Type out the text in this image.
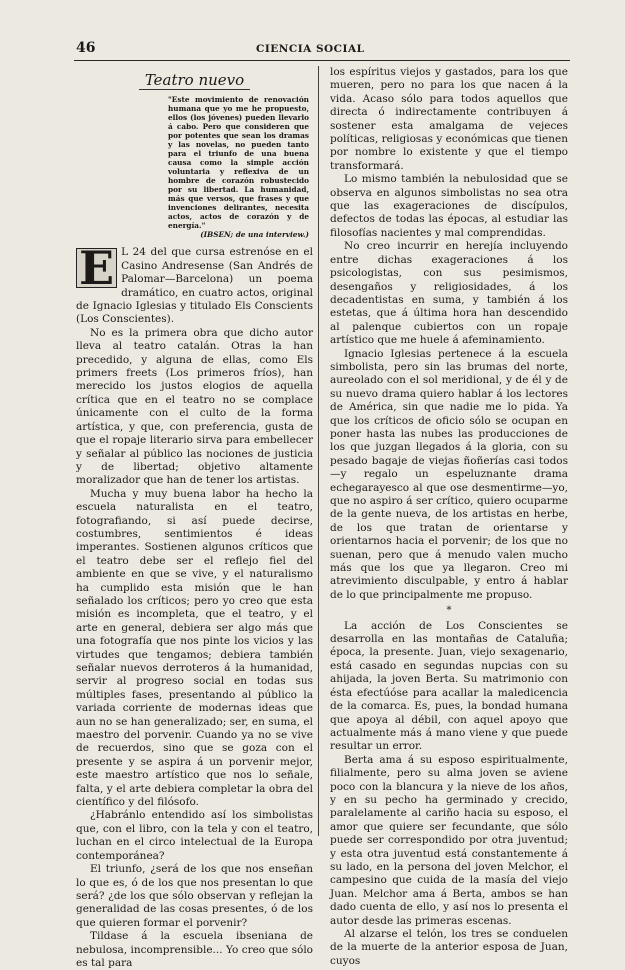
46	CIENCIA SOCIAL
Teatro nuevo
"Este movimiento de renovación humana que yo me he propuesto, ellos (los jóvenes) pueden llevarlo á cabo. Pero que consideren que por potentes que sean los dramas y las novelas, no pueden tanto para el triunfo de una buena causa como la simple acción voluntaria y reflexiva de un hombre de corazón robustecido por su libertad. La humanidad, más que versos, que frases y que invenciones delirantes, necesita actos, actos de corazón y de energía."
(IBSEN; de una interview.)

E L 24 del que cursa estrenóse en el Casino Andresense (San Andrés de Palomar—Barcelona) un poema dramático, en cuatro actos, original de Ignacio Iglesias y titulado Els Conscients (Los Conscientes).

No es la primera obra que dicho autor lleva al teatro catalán. Otras la han precedido, y alguna de ellas, como Els primers freets (Los primeros fríos), han merecido los justos elogios de aquella crítica que en el teatro no se complace únicamente con el culto de la forma artística, y que, con preferencia, gusta de que el ropaje literario sirva para embellecer y señalar al público las nociones de justicia y de libertad; objetivo altamente moralizador que han de tener los artistas.

Mucha y muy buena labor ha hecho la escuela naturalista en el teatro, fotografiando, si así puede decirse, costumbres, sentimientos é ideas imperantes. Sostienen algunos críticos que el teatro debe ser el reflejo fiel del ambiente en que se vive, y el naturalismo ha cumplido esta misión que le han señalado los críticos; pero yo creo que esta misión es incompleta, que el teatro, y el arte en general, debiera ser algo más que una fotografía que nos pinte los vicios y las virtudes que tengamos; debiera también señalar nuevos derroteros á la humanidad, servir al progreso social en todas sus múltiples fases, presentando al público la variada corriente de modernas ideas que aun no se han generalizado; ser, en suma, el maestro del porvenir. Cuando ya no se vive de recuerdos, sino que se goza con el presente y se aspira á un porvenir mejor, este maestro artístico que nos lo señale, falta, y el arte debiera completar la obra del científico y del filósofo.

¿Habránlo entendido así los simbolistas que, con el libro, con la tela y con el teatro, luchan en el circo intelectual de la Europa contemporánea?

El triunfo, ¿será de los que nos enseñan lo que es, ó de los que nos presentan lo que será? ¿de los que sólo observan y reflejan la generalidad de las cosas presentes, ó de los que quieren formar el porvenir?

Tildase á la escuela ibseniana de nebulosa, incomprensible... Yo creo que sólo es tal para

los espíritus viejos y gastados, para los que mueren, pero no para los que nacen á la vida. Acaso sólo para todos aquellos que directa ó indirectamente contribuyen á sostener esta amalgama de vejeces políticas, religiosas y económicas que tienen por nombre lo existente y que el tiempo transformará.

Lo mismo también la nebulosidad que se observa en algunos simbolistas no sea otra que las exageraciones de discípulos, defectos de todas las épocas, al estudiar las filosofías nacientes y mal comprendidas.

No creo incurrir en herejía incluyendo entre dichas exageraciones á los psicologistas, con sus pesimismos, desengaños y religiosidades, á los decadentistas en suma, y también á los estetas, que á última hora han descendido al palenque cubiertos con un ropaje artístico que me huele á afeminamiento.

Ignacio Iglesias pertenece á la escuela simbolista, pero sin las brumas del norte, aureolado con el sol meridional, y de él y de su nuevo drama quiero hablar á los lectores de América, sin que nadie me lo pida. Ya que los críticos de oficio sólo se ocupan en poner hasta las nubes las producciones de los que juzgan llegados á la gloria, con su pesado bagaje de viejas ñoñerías casi todos—y regalo un espeluznante drama echegarayesco al que ose desmentirme—yo, que no aspiro á ser crítico, quiero ocuparme de la gente nueva, de los artistas en herbe, de los que tratan de orientarse y orientarnos hacia el porvenir; de los que no suenan, pero que á menudo valen mucho más que los que ya llegaron. Creo mi atrevimiento disculpable, y entro á hablar de lo que principalmente me propuso.

*

La acción de Los Conscientes se desarrolla en las montañas de Cataluña; época, la presente. Juan, viejo sexagenario, está casado en segundas nupcias con su ahijada, la joven Berta. Su matrimonio con ésta efectúóse para acallar la maledicencia de la comarca. Es, pues, la bondad humana que apoya al débil, con aquel apoyo que actualmente más á mano viene y que puede resultar un error.

Berta ama á su esposo espiritualmente, filialmente, pero su alma joven se aviene poco con la blancura y la nieve de los años, y en su pecho ha germinado y crecido, paralelamente al cariño hacia su esposo, el amor que quiere ser fecundante, que sólo puede ser correspondido por otra juventud; y esta otra juventud está constantemente á su lado, en la persona del joven Melchor, el campesino que cuida de la masía del viejo Juan. Melchor ama á Berta, ambos se han dado cuenta de ello, y así nos lo presenta el autor desde las primeras escenas.

Al alzarse el telón, los tres se conduelen de la muerte de la anterior esposa de Juan, cuyos
